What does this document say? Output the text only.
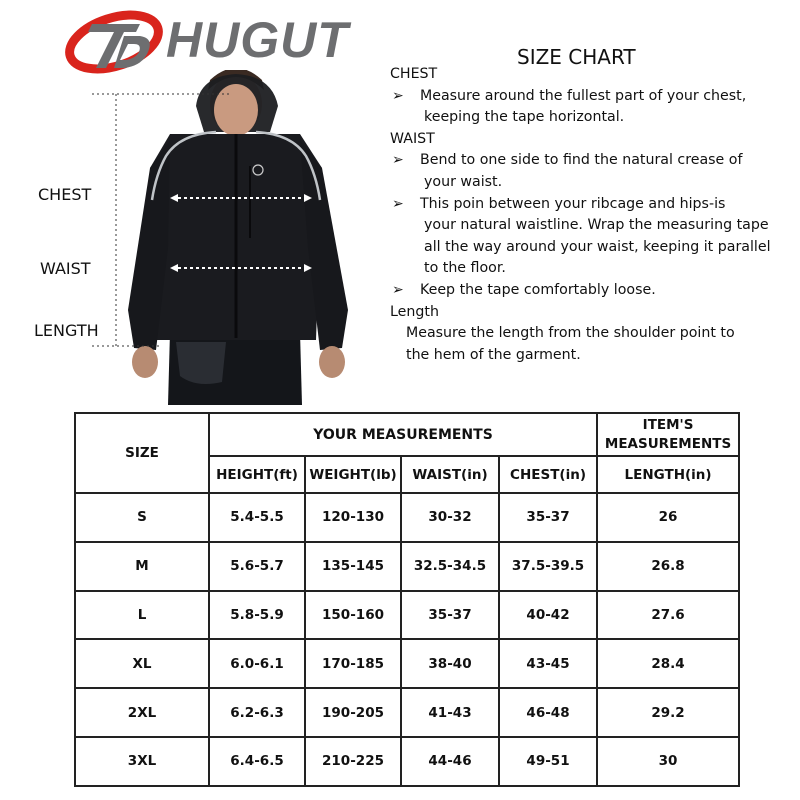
HUGUT
CHEST
WAIST
LENGTH
SIZE CHART
CHEST
➢ Measure around the fullest part of your chest,
keeping the tape horizontal.
WAIST
➢ Bend to one side to find the natural crease of
your waist.
➢ This poin between your ribcage and hips-is
your natural waistline. Wrap the measuring tape
all the way around your waist, keeping it parallel
to the floor.
➢ Keep the tape comfortably loose.
Length
Measure the length from the shoulder point to
the hem of the garment.
SIZE	YOUR MEASUREMENTS				ITEM'S
MEASUREMENTS

	HEIGHT(ft)	WEIGHT(lb)	WAIST(in)	CHEST(in)	LENGTH(in)
S	5.4-5.5	120-130	30-32	35-37	26
M	5.6-5.7	135-145	32.5-34.5	37.5-39.5	26.8
L	5.8-5.9	150-160	35-37	40-42	27.6
XL	6.0-6.1	170-185	38-40	43-45	28.4
2XL	6.2-6.3	190-205	41-43	46-48	29.2
3XL	6.4-6.5	210-225	44-46	49-51	30
